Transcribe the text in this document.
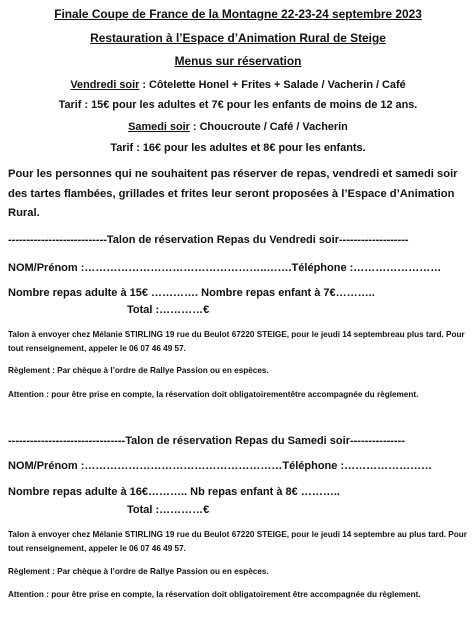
Finale Coupe de France de la Montagne 22-23-24 septembre 2023
Restauration à l’Espace d’Animation Rural de Steige
Menus sur réservation
Vendredi soir : Côtelette Honel + Frites + Salade / Vacherin / Café
Tarif : 15€ pour les adultes et 7€ pour les enfants de moins de 12 ans.
Samedi soir : Choucroute / Café / Vacherin
Tarif : 16€ pour les adultes et 8€ pour les enfants.
Pour les personnes qui ne souhaitent pas réserver de repas, vendredi et samedi soir des tartes flambées, grillades et frites leur seront proposées à l’Espace d’Animation Rural.
---------------------------Talon de réservation Repas du Vendredi soir-------------------
NOM/Prénom :…………………………………………..…….Téléphone :……………………
Nombre repas adulte à 15€ …………. Nombre repas enfant à 7€………..
Total :…………€
Talon à envoyer chez Mélanie STIRLING 19 rue du Beulot 67220 STEIGE, pour le jeudi 14 septembreau plus tard. Pour tout renseignement, appeler le 06 07 46 49 57.
Règlement : Par chèque à l’ordre de Rallye Passion ou en espèces.
Attention : pour être prise en compte, la réservation doit obligatoirementêtre accompagnée du règlement.
--------------------------------Talon de réservation Repas du Samedi soir---------------
NOM/Prénom :………………………………………………Téléphone :……………………
Nombre repas adulte à 16€……….. Nb repas enfant à 8€ ………..
Total :…………€
Talon à envoyer chez Mélanie STIRLING 19 rue du Beulot 67220 STEIGE, pour le jeudi 14 septembre au plus tard. Pour tout renseignement, appeler le 06 07 46 49 57.
Règlement : Par chèque à l’ordre de Rallye Passion ou en espèces.
Attention : pour être prise en compte, la réservation doit obligatoirement être accompagnée du règlement.
